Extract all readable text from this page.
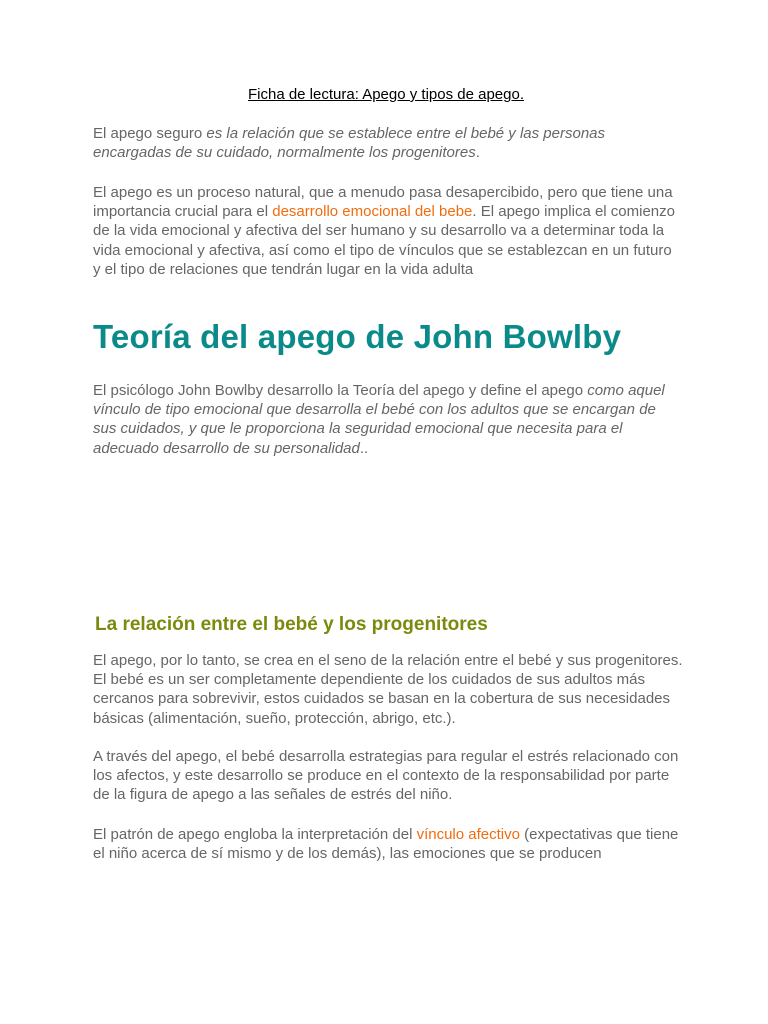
Ficha de lectura: Apego y tipos de apego.

El apego seguro es la relación que se establece entre el bebé y las personas encargadas de su cuidado, normalmente los progenitores.

El apego es un proceso natural, que a menudo pasa desapercibido, pero que tiene una importancia crucial para el desarrollo emocional del bebe. El apego implica el comienzo de la vida emocional y afectiva del ser humano y su desarrollo va a determinar toda la vida emocional y afectiva, así como el tipo de vínculos que se establezcan en un futuro y el tipo de relaciones que tendrán lugar en la vida adulta

Teoría del apego de John Bowlby

El psicólogo John Bowlby desarrollo la Teoría del apego y define el apego como aquel vínculo de tipo emocional que desarrolla el bebé con los adultos que se encargan de sus cuidados, y que le proporciona la seguridad emocional que necesita para el adecuado desarrollo de su personalidad..

La relación entre el bebé y los progenitores

El apego, por lo tanto, se crea en el seno de la relación entre el bebé y sus progenitores. El bebé es un ser completamente dependiente de los cuidados de sus adultos más cercanos para sobrevivir, estos cuidados se basan en la cobertura de sus necesidades básicas (alimentación, sueño, protección, abrigo, etc.).

A través del apego, el bebé desarrolla estrategias para regular el estrés relacionado con los afectos, y este desarrollo se produce en el contexto de la responsabilidad por parte de la figura de apego a las señales de estrés del niño.

El patrón de apego engloba la interpretación del vínculo afectivo (expectativas que tiene el niño acerca de sí mismo y de los demás), las emociones que se producen
